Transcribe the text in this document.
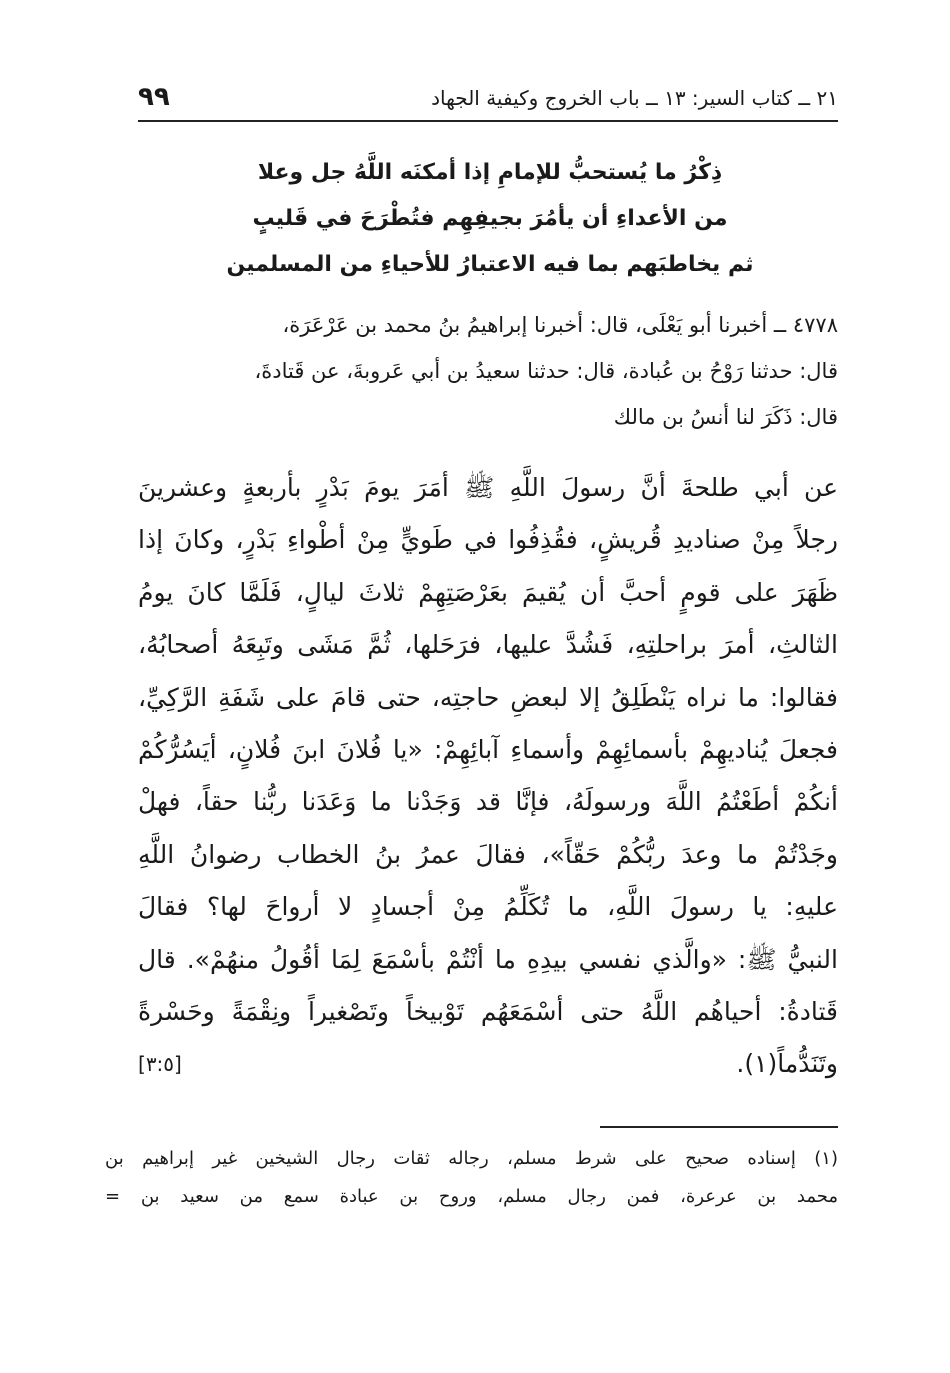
٢١ ــ كتاب السير: ١٣ ــ باب الخروج وكيفية الجهاد
٩٩
ذِكْرُ ما يُستحبُّ للإمامِ إذا أمكنَه اللَّهُ جل وعلا
من الأعداءِ أن يأمُرَ بجيفِهِم فتُطْرَحَ في قَليبٍ
ثم يخاطبَهم بما فيه الاعتبارُ للأحياءِ من المسلمين
٤٧٧٨ ــ أخبرنا أبو يَعْلَى، قال: أخبرنا إبراهيمُ بنُ محمد بن عَرْعَرَة،
قال: حدثنا رَوْحُ بن عُبادة، قال: حدثنا سعيدُ بن أبي عَروبةَ، عن قَتادةَ،
قال: ذَكَرَ لنا أنسُ بن مالك
عن أبي طلحةَ أنَّ رسولَ اللَّهِ ﷺ أمَرَ يومَ بَدْرٍ بأربعةٍ وعشرينَ
رجلاً مِنْ صناديدِ قُريشٍ، فقُذِفُوا في طَويٍّ مِنْ أطْواءِ بَدْرٍ، وكانَ إذا
ظَهَرَ على قومٍ أحبَّ أن يُقيمَ بعَرْصَتِهِمْ ثلاثَ ليالٍ، فَلَمَّا كانَ يومُ
الثالثِ، أمرَ براحلتِهِ، فَشُدَّ عليها، فرَحَلها، ثُمَّ مَشَى وتَبِعَهُ أصحابُهُ،
فقالوا: ما نراه يَنْطَلِقُ إلا لبعضِ حاجتِه، حتى قامَ على شَفَةِ الرَّكِيِّ،
فجعلَ يُناديهِمْ بأسمائِهِمْ وأسماءِ آبائِهِمْ: «يا فُلانَ ابنَ فُلانٍ، أيَسُرُّكُمْ
أنكُمْ أطَعْتُمُ اللَّهَ ورسولَهُ، فإنَّا قد وَجَدْنا ما وَعَدَنا ربُّنا حقاً، فهلْ
وجَدْتُمْ ما وعدَ ربُّكُمْ حَقّاً»، فقالَ عمرُ بنُ الخطاب رضوانُ اللَّهِ
عليهِ: يا رسولَ اللَّهِ، ما تُكَلِّمُ مِنْ أجسادٍ لا أرواحَ لها؟ فقالَ
النبيُّ ﷺ: «والَّذي نفسي بيدِهِ ما أنْتُمْ بأسْمَعَ لِمَا أقُولُ منهُمْ». قال
قَتادةُ: أحياهُم اللَّهُ حتى أسْمَعَهُم تَوْبيخاً وتَصْغيراً ونِقْمَةً وحَسْرةً
وتَنَدُّماً(١).
[٣:٥]
(١) إسناده صحيح على شرط مسلم، رجاله ثقات رجال الشيخين غير إبراهيم بن
محمد بن عرعرة، فمن رجال مسلم، وروح بن عبادة سمع من سعيد بن =
